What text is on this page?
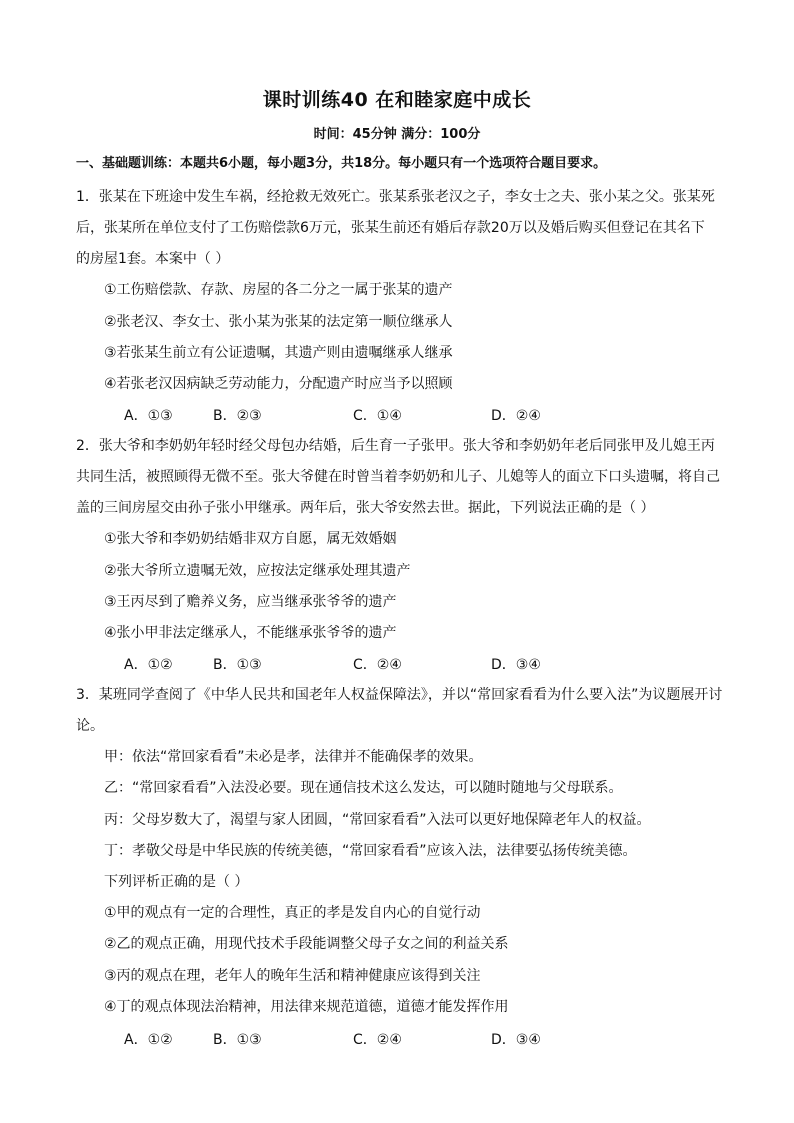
课时训练40 在和睦家庭中成长
时间：45分钟 满分：100分
一、基础题训练：本题共6小题，每小题3分，共18分。每小题只有一个选项符合题目要求。
1．张某在下班途中发生车祸，经抢救无效死亡。张某系张老汉之子，李女士之夫、张小某之父。张某死
后，张某所在单位支付了工伤赔偿款6万元，张某生前还有婚后存款20万以及婚后购买但登记在其名下
的房屋1套。本案中（ ）
①工伤赔偿款、存款、房屋的各二分之一属于张某的遗产
②张老汉、李女士、张小某为张某的法定第一顺位继承人
③若张某生前立有公证遗嘱，其遗产则由遗嘱继承人继承
④若张老汉因病缺乏劳动能力，分配遗产时应当予以照顾
A．①③	B．②③	C．①④	D．②④
2．张大爷和李奶奶年轻时经父母包办结婚，后生育一子张甲。张大爷和李奶奶年老后同张甲及儿媳王丙
共同生活，被照顾得无微不至。张大爷健在时曾当着李奶奶和儿子、儿媳等人的面立下口头遗嘱，将自己
盖的三间房屋交由孙子张小甲继承。两年后，张大爷安然去世。据此，下列说法正确的是（ ）
①张大爷和李奶奶结婚非双方自愿，属无效婚姻
②张大爷所立遗嘱无效，应按法定继承处理其遗产
③王丙尽到了赡养义务，应当继承张爷爷的遗产
④张小甲非法定继承人，不能继承张爷爷的遗产
A．①②	B．①③	C．②④	D．③④
3．某班同学查阅了《中华人民共和国老年人权益保障法》，并以“常回家看看为什么要入法”为议题展开讨
论。
甲：依法“常回家看看”未必是孝，法律并不能确保孝的效果。
乙：“常回家看看”入法没必要。现在通信技术这么发达，可以随时随地与父母联系。
丙：父母岁数大了，渴望与家人团圆，“常回家看看”入法可以更好地保障老年人的权益。
丁：孝敬父母是中华民族的传统美德，“常回家看看”应该入法，法律要弘扬传统美德。
下列评析正确的是（ ）
①甲的观点有一定的合理性，真正的孝是发自内心的自觉行动
②乙的观点正确，用现代技术手段能调整父母子女之间的利益关系
③丙的观点在理，老年人的晚年生活和精神健康应该得到关注
④丁的观点体现法治精神，用法律来规范道德，道德才能发挥作用
A．①②	B．①③	C．②④	D．③④
